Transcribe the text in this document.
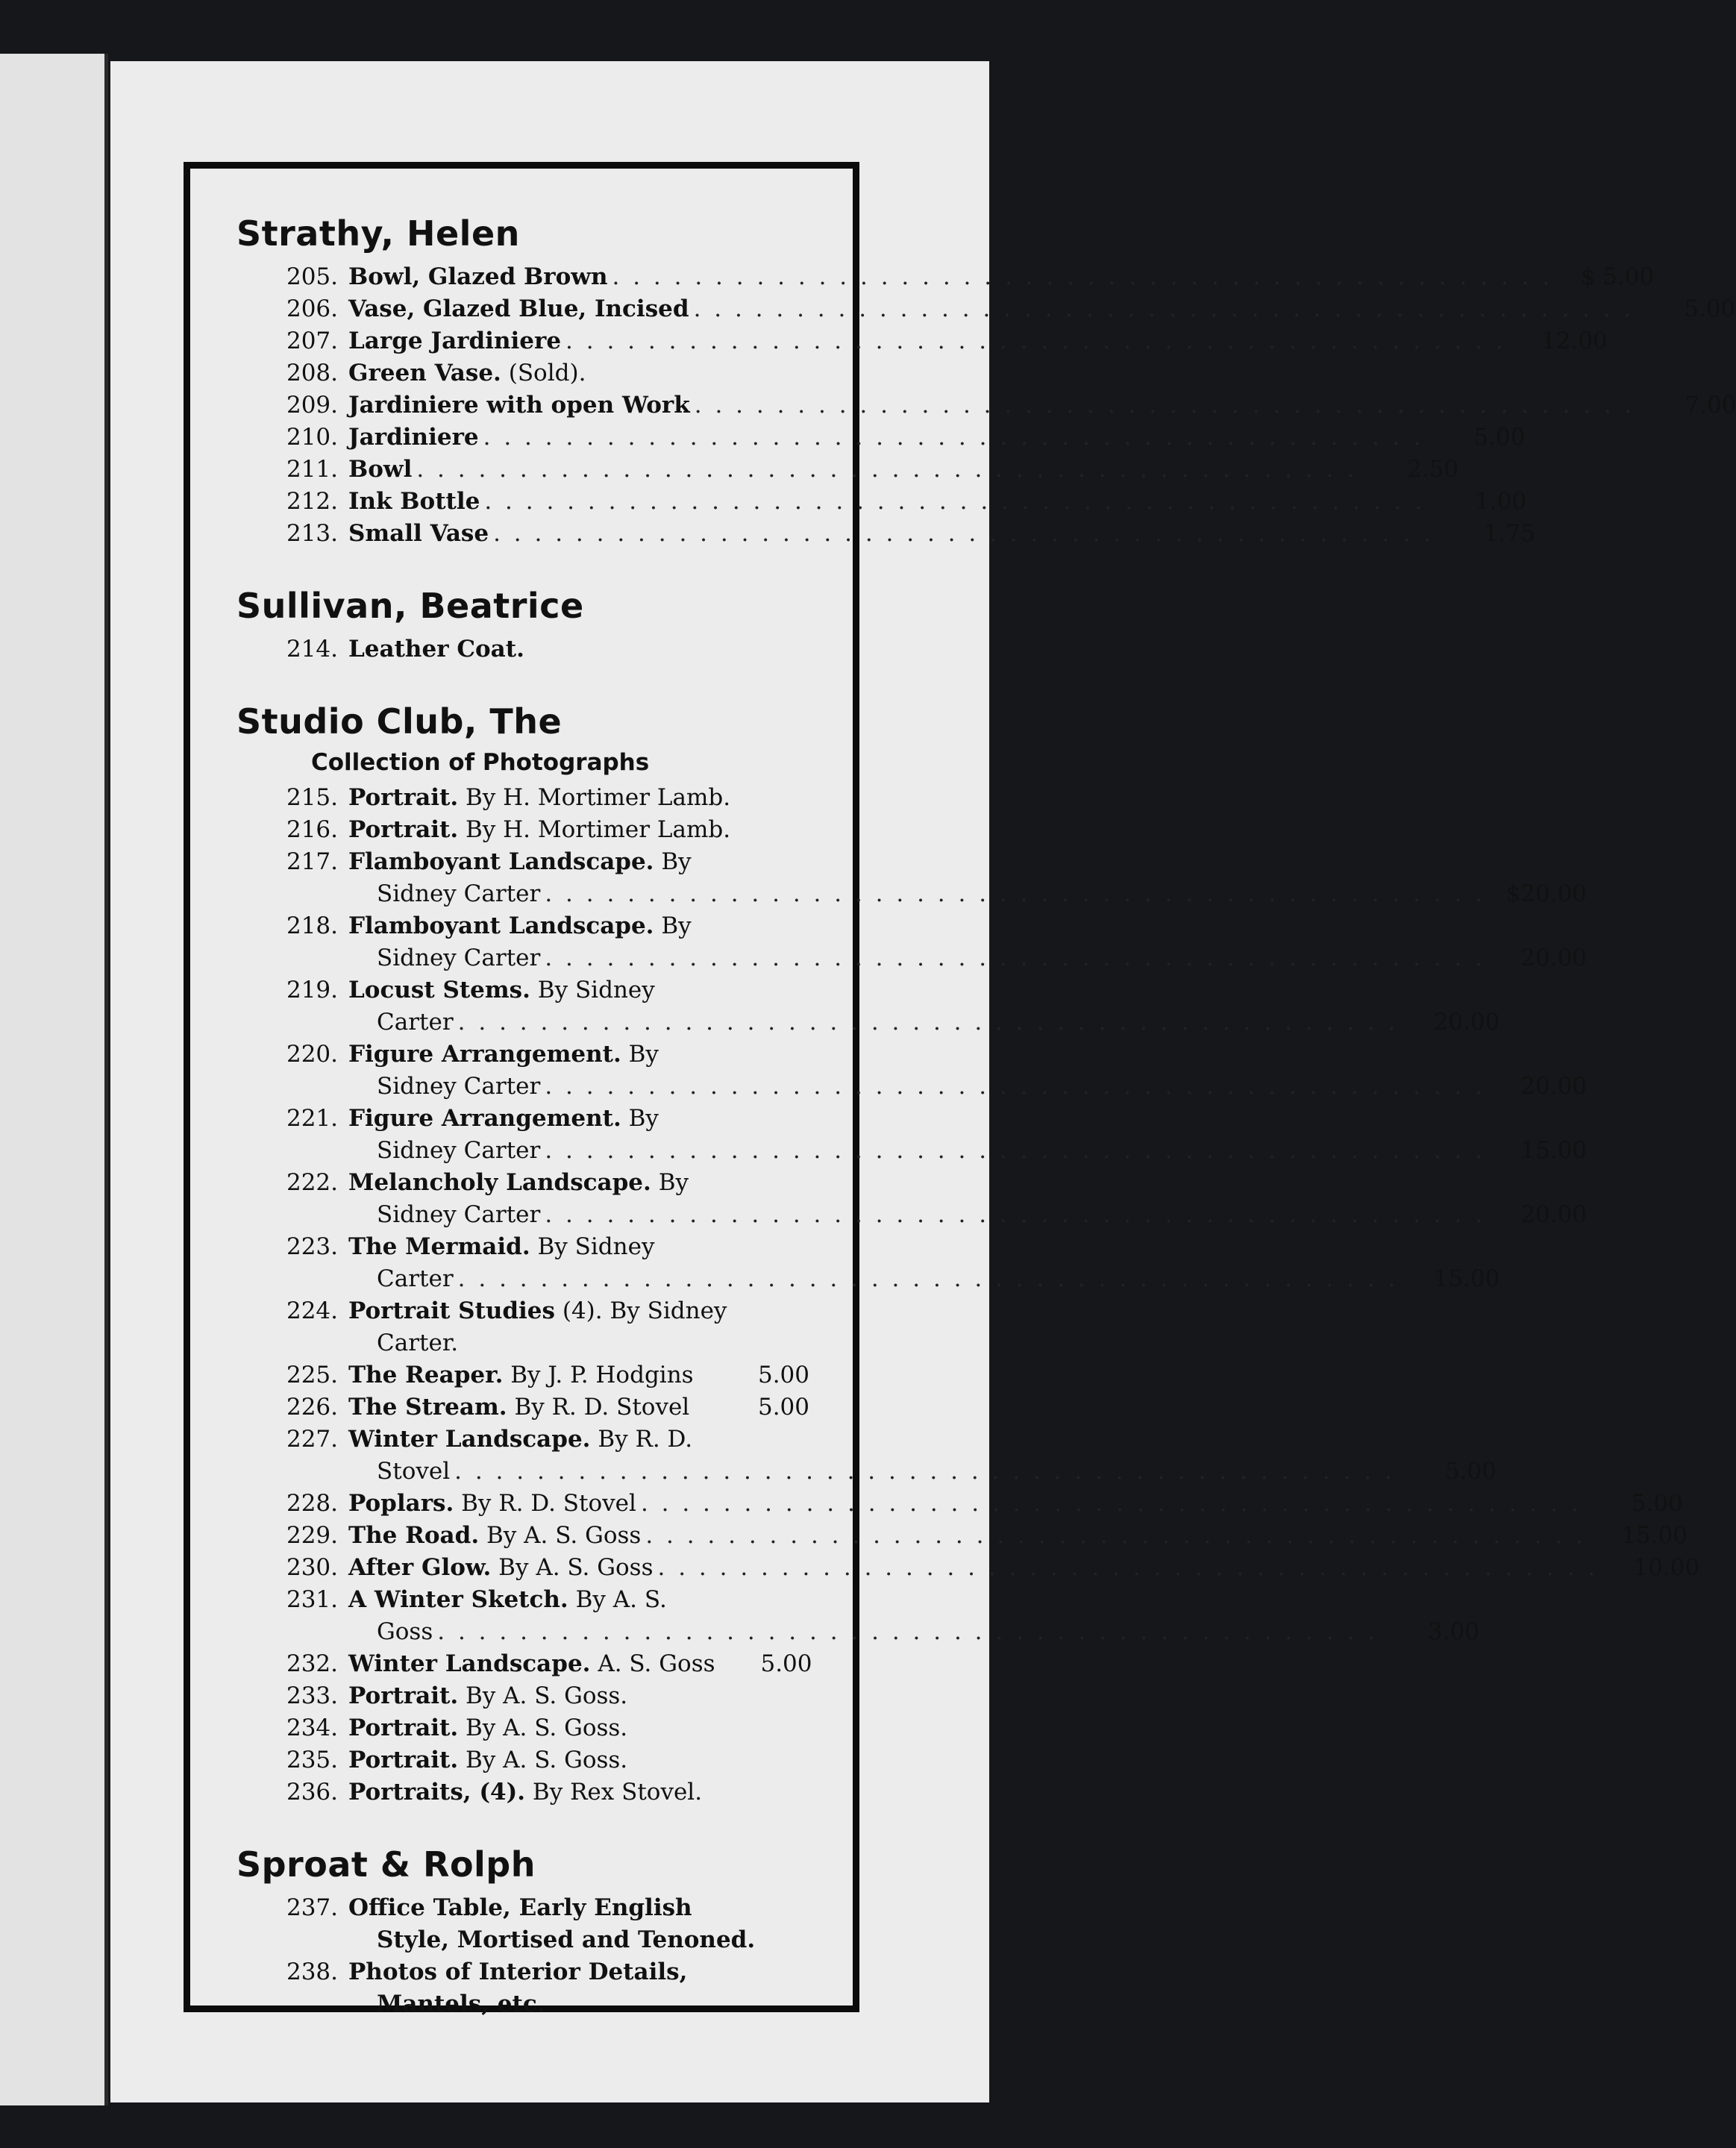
Strathy, Helen
205. Bowl, Glazed Brown . . .	$ 5.00
206. Vase, Glazed Blue, Incised . . .	5.00
207. Large Jardiniere . . .	12.00
208. Green Vase. (Sold).
209. Jardiniere with open Work . . .	7.00
210. Jardiniere . . .	5.00
211. Bowl . . .	2.50
212. Ink Bottle . . .	1.00
213. Small Vase . . .	1.75
Sullivan, Beatrice
214. Leather Coat.
Studio Club, The
Collection of Photographs
215. Portrait. By H. Mortimer Lamb.
216. Portrait. By H. Mortimer Lamb.
217. Flamboyant Landscape. By
Sidney Carter . . .	$20.00
218. Flamboyant Landscape. By
Sidney Carter . . .	20.00
219. Locust Stems. By Sidney
Carter . . .	20.00
220. Figure Arrangement. By
Sidney Carter . . .	20.00
221. Figure Arrangement. By
Sidney Carter . . .	15.00
222. Melancholy Landscape. By
Sidney Carter . . .	20.00
223. The Mermaid. By Sidney
Carter . . .	15.00
224. Portrait Studies (4). By Sidney
Carter.
225. The Reaper. By J. P. Hodgins	5.00
226. The Stream. By R. D. Stovel	5.00
227. Winter Landscape. By R. D.
Stovel . . .	5.00
228. Poplars. By R. D. Stovel . . .	5.00
229. The Road. By A. S. Goss . . .	15.00
230. After Glow. By A. S. Goss . . .	10.00
231. A Winter Sketch. By A. S.
Goss . . .	3.00
232. Winter Landscape. A. S. Goss	5.00
233. Portrait. By A. S. Goss.
234. Portrait. By A. S. Goss.
235. Portrait. By A. S. Goss.
236. Portraits, (4). By Rex Stovel.
Sproat & Rolph
237. Office Table, Early English
Style, Mortised and Tenoned.
238. Photos of Interior Details,
Mantels, etc.
